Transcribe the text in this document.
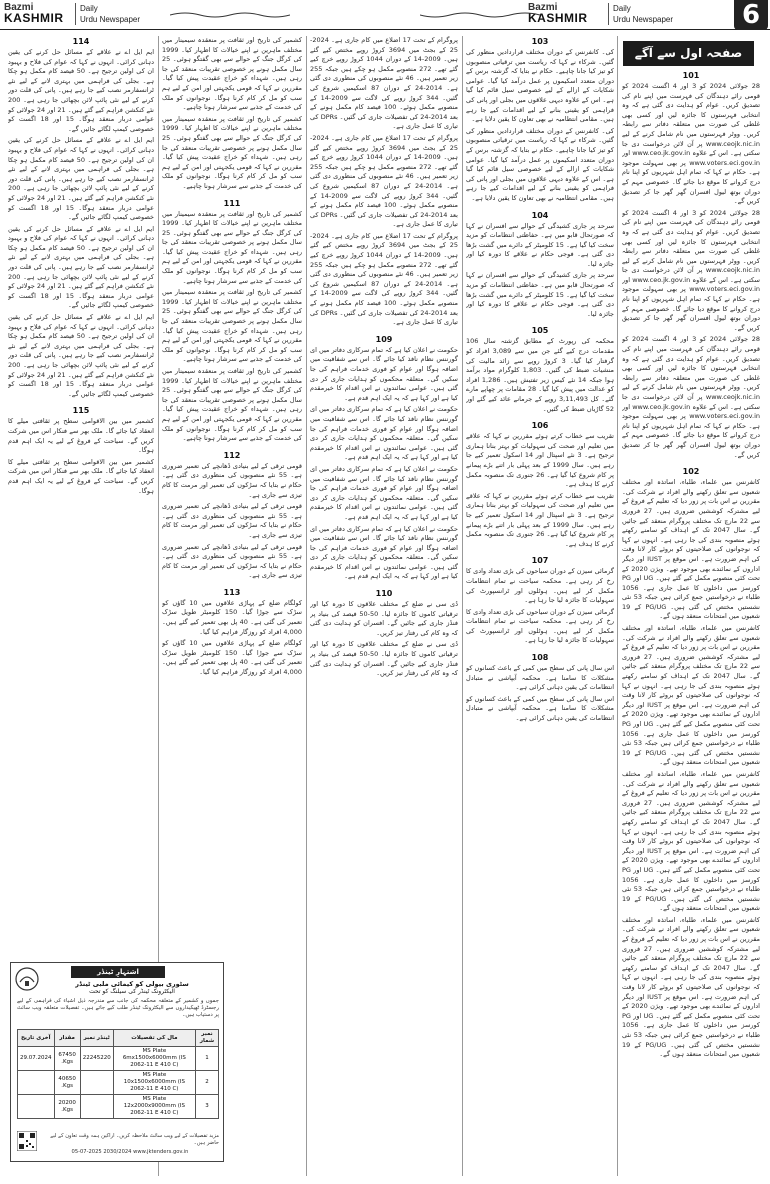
Bazmi
KASHMIR
Daily
Urdu Newspaper
Bazmi
KASHMIR
Daily
Urdu Newspaper	6
صفحہ اول سے آگے
101

28 جولائی 2024 کو 3 اور 4 اگست 2024 کو قومی رائے دہندگان کی فہرست میں اپنے نام کی تصدیق کریں۔ عوام کو ہدایت دی گئی ہے کہ وہ انتخابی فہرستوں کا جائزہ لیں اور کسی بھی غلطی کی صورت میں متعلقہ دفاتر سے رابطہ کریں۔ ووٹر فہرستوں میں نام شامل کرنے کے لیے www.ceojk.nic.in پر آن لائن درخواست دی جا سکتی ہے۔ اس کے علاوہ www.ceo.jk.gov.in اور www.voters.eci.gov.in پر بھی سہولت موجود ہے۔ حکام نے کہا کہ تمام اہل شہریوں کو اپنا نام درج کروانے کا موقع دیا جائے گا۔ خصوصی مہم کے دوران بوتھ لیول افسران گھر گھر جا کر تصدیق کریں گے۔

28 جولائی 2024 کو 3 اور 4 اگست 2024 کو قومی رائے دہندگان کی فہرست میں اپنے نام کی تصدیق کریں۔ عوام کو ہدایت دی گئی ہے کہ وہ انتخابی فہرستوں کا جائزہ لیں اور کسی بھی غلطی کی صورت میں متعلقہ دفاتر سے رابطہ کریں۔ ووٹر فہرستوں میں نام شامل کرنے کے لیے www.ceojk.nic.in پر آن لائن درخواست دی جا سکتی ہے۔ اس کے علاوہ www.ceo.jk.gov.in اور www.voters.eci.gov.in پر بھی سہولت موجود ہے۔ حکام نے کہا کہ تمام اہل شہریوں کو اپنا نام درج کروانے کا موقع دیا جائے گا۔ خصوصی مہم کے دوران بوتھ لیول افسران گھر گھر جا کر تصدیق کریں گے۔

28 جولائی 2024 کو 3 اور 4 اگست 2024 کو قومی رائے دہندگان کی فہرست میں اپنے نام کی تصدیق کریں۔ عوام کو ہدایت دی گئی ہے کہ وہ انتخابی فہرستوں کا جائزہ لیں اور کسی بھی غلطی کی صورت میں متعلقہ دفاتر سے رابطہ کریں۔ ووٹر فہرستوں میں نام شامل کرنے کے لیے www.ceojk.nic.in پر آن لائن درخواست دی جا سکتی ہے۔ اس کے علاوہ www.ceo.jk.gov.in اور www.voters.eci.gov.in پر بھی سہولت موجود ہے۔ حکام نے کہا کہ تمام اہل شہریوں کو اپنا نام درج کروانے کا موقع دیا جائے گا۔ خصوصی مہم کے دوران بوتھ لیول افسران گھر گھر جا کر تصدیق کریں گے۔

102

کانفرنس میں علماء، طلباء، اساتذہ اور مختلف شعبوں سے تعلق رکھنے والے افراد نے شرکت کی۔ مقررین نے اس بات پر زور دیا کہ تعلیم کے فروغ کے لیے مشترکہ کوششیں ضروری ہیں۔ 27 فروری سے 22 مارچ تک مختلف پروگرام منعقد کیے جائیں گے۔ سال 2047 تک کے اہداف کو سامنے رکھتے ہوئے منصوبہ بندی کی جا رہی ہے۔ انہوں نے کہا کہ نوجوانوں کی صلاحیتوں کو بروئے کار لانا وقت کی اہم ضرورت ہے۔ اس موقع پر IUST اور دیگر اداروں کے نمائندے بھی موجود تھے۔ ویژن 2020 کے تحت کئی منصوبے مکمل کیے گئے ہیں۔ UG اور PG کورسز میں داخلوں کا عمل جاری ہے۔ 1056 طلباء نے درخواستیں جمع کرائی ہیں جبکہ 53 نئی نشستیں مختص کی گئی ہیں۔ PG/UG کے 19 شعبوں میں امتحانات منعقد ہوں گے۔

کانفرنس میں علماء، طلباء، اساتذہ اور مختلف شعبوں سے تعلق رکھنے والے افراد نے شرکت کی۔ مقررین نے اس بات پر زور دیا کہ تعلیم کے فروغ کے لیے مشترکہ کوششیں ضروری ہیں۔ 27 فروری سے 22 مارچ تک مختلف پروگرام منعقد کیے جائیں گے۔ سال 2047 تک کے اہداف کو سامنے رکھتے ہوئے منصوبہ بندی کی جا رہی ہے۔ انہوں نے کہا کہ نوجوانوں کی صلاحیتوں کو بروئے کار لانا وقت کی اہم ضرورت ہے۔ اس موقع پر IUST اور دیگر اداروں کے نمائندے بھی موجود تھے۔ ویژن 2020 کے تحت کئی منصوبے مکمل کیے گئے ہیں۔ UG اور PG کورسز میں داخلوں کا عمل جاری ہے۔ 1056 طلباء نے درخواستیں جمع کرائی ہیں جبکہ 53 نئی نشستیں مختص کی گئی ہیں۔ PG/UG کے 19 شعبوں میں امتحانات منعقد ہوں گے۔

کانفرنس میں علماء، طلباء، اساتذہ اور مختلف شعبوں سے تعلق رکھنے والے افراد نے شرکت کی۔ مقررین نے اس بات پر زور دیا کہ تعلیم کے فروغ کے لیے مشترکہ کوششیں ضروری ہیں۔ 27 فروری سے 22 مارچ تک مختلف پروگرام منعقد کیے جائیں گے۔ سال 2047 تک کے اہداف کو سامنے رکھتے ہوئے منصوبہ بندی کی جا رہی ہے۔ انہوں نے کہا کہ نوجوانوں کی صلاحیتوں کو بروئے کار لانا وقت کی اہم ضرورت ہے۔ اس موقع پر IUST اور دیگر اداروں کے نمائندے بھی موجود تھے۔ ویژن 2020 کے تحت کئی منصوبے مکمل کیے گئے ہیں۔ UG اور PG کورسز میں داخلوں کا عمل جاری ہے۔ 1056 طلباء نے درخواستیں جمع کرائی ہیں جبکہ 53 نئی نشستیں مختص کی گئی ہیں۔ PG/UG کے 19 شعبوں میں امتحانات منعقد ہوں گے۔

کانفرنس میں علماء، طلباء، اساتذہ اور مختلف شعبوں سے تعلق رکھنے والے افراد نے شرکت کی۔ مقررین نے اس بات پر زور دیا کہ تعلیم کے فروغ کے لیے مشترکہ کوششیں ضروری ہیں۔ 27 فروری سے 22 مارچ تک مختلف پروگرام منعقد کیے جائیں گے۔ سال 2047 تک کے اہداف کو سامنے رکھتے ہوئے منصوبہ بندی کی جا رہی ہے۔ انہوں نے کہا کہ نوجوانوں کی صلاحیتوں کو بروئے کار لانا وقت کی اہم ضرورت ہے۔ اس موقع پر IUST اور دیگر اداروں کے نمائندے بھی موجود تھے۔ ویژن 2020 کے تحت کئی منصوبے مکمل کیے گئے ہیں۔ UG اور PG کورسز میں داخلوں کا عمل جاری ہے۔ 1056 طلباء نے درخواستیں جمع کرائی ہیں جبکہ 53 نئی نشستیں مختص کی گئی ہیں۔ PG/UG کے 19 شعبوں میں امتحانات منعقد ہوں گے۔

103

کی۔ کانفرنس کے دوران مختلف قراردادیں منظور کی گئیں۔ شرکاء نے کہا کہ ریاست میں ترقیاتی منصوبوں کو تیز کیا جانا چاہیے۔ حکام نے بتایا کہ گزشتہ برس کے دوران متعدد اسکیموں پر عمل درآمد کیا گیا۔ عوامی شکایات کے ازالے کے لیے خصوصی سیل قائم کیا گیا ہے۔ اس کے علاوہ دیہی علاقوں میں بجلی اور پانی کی فراہمی کو یقینی بنانے کے لیے اقدامات کیے جا رہے ہیں۔ مقامی انتظامیہ نے بھی تعاون کا یقین دلایا ہے۔

کی۔ کانفرنس کے دوران مختلف قراردادیں منظور کی گئیں۔ شرکاء نے کہا کہ ریاست میں ترقیاتی منصوبوں کو تیز کیا جانا چاہیے۔ حکام نے بتایا کہ گزشتہ برس کے دوران متعدد اسکیموں پر عمل درآمد کیا گیا۔ عوامی شکایات کے ازالے کے لیے خصوصی سیل قائم کیا گیا ہے۔ اس کے علاوہ دیہی علاقوں میں بجلی اور پانی کی فراہمی کو یقینی بنانے کے لیے اقدامات کیے جا رہے ہیں۔ مقامی انتظامیہ نے بھی تعاون کا یقین دلایا ہے۔

104

سرحد پر جاری کشیدگی کے حوالے سے افسران نے کہا کہ صورتحال قابو میں ہے۔ حفاظتی انتظامات کو مزید سخت کیا گیا ہے۔ 15 کلومیٹر کے دائرے میں گشت بڑھا دی گئی ہے۔ فوجی حکام نے علاقے کا دورہ کیا اور جائزہ لیا۔

سرحد پر جاری کشیدگی کے حوالے سے افسران نے کہا کہ صورتحال قابو میں ہے۔ حفاظتی انتظامات کو مزید سخت کیا گیا ہے۔ 15 کلومیٹر کے دائرے میں گشت بڑھا دی گئی ہے۔ فوجی حکام نے علاقے کا دورہ کیا اور جائزہ لیا۔

105

محکمہ کی رپورٹ کے مطابق گزشتہ سال 106 مقدمات درج کیے گئے جن میں سے 3,089 افراد کو گرفتار کیا گیا۔ 3 کروڑ روپے سے زائد مالیت کی منشیات ضبط کی گئیں۔ 1,803 کلوگرام مواد برآمد ہوا جبکہ 14 نئے کیس زیر تفتیش ہیں۔ 1,286 افراد کو عدالت میں پیش کیا گیا۔ 28 مقامات پر چھاپے مارے گئے۔ کل 3,11,493 روپے کے جرمانے عائد کیے گئے اور 52 گاڑیاں ضبط کی گئیں۔

106

تقریب سے خطاب کرتے ہوئے مقررین نے کہا کہ علاقے میں تعلیم اور صحت کی سہولیات کو بہتر بنانا ہماری ترجیح ہے۔ 3 نئے اسپتال اور 14 اسکول تعمیر کیے جا رہے ہیں۔ سال 1999 کے بعد پہلی بار اتنے بڑے پیمانے پر کام شروع کیا گیا ہے۔ 26 جنوری تک منصوبہ مکمل کرنے کا ہدف ہے۔

تقریب سے خطاب کرتے ہوئے مقررین نے کہا کہ علاقے میں تعلیم اور صحت کی سہولیات کو بہتر بنانا ہماری ترجیح ہے۔ 3 نئے اسپتال اور 14 اسکول تعمیر کیے جا رہے ہیں۔ سال 1999 کے بعد پہلی بار اتنے بڑے پیمانے پر کام شروع کیا گیا ہے۔ 26 جنوری تک منصوبہ مکمل کرنے کا ہدف ہے۔

107

گرمائی سیزن کے دوران سیاحوں کی بڑی تعداد وادی کا رخ کر رہی ہے۔ محکمہ سیاحت نے تمام انتظامات مکمل کر لیے ہیں۔ ہوٹلوں اور ٹرانسپورٹ کی سہولیات کا جائزہ لیا جا رہا ہے۔

گرمائی سیزن کے دوران سیاحوں کی بڑی تعداد وادی کا رخ کر رہی ہے۔ محکمہ سیاحت نے تمام انتظامات مکمل کر لیے ہیں۔ ہوٹلوں اور ٹرانسپورٹ کی سہولیات کا جائزہ لیا جا رہا ہے۔

108

اس سال پانی کی سطح میں کمی کے باعث کسانوں کو مشکلات کا سامنا ہے۔ محکمہ آبپاشی نے متبادل انتظامات کی یقین دہانی کرائی ہے۔

اس سال پانی کی سطح میں کمی کے باعث کسانوں کو مشکلات کا سامنا ہے۔ محکمہ آبپاشی نے متبادل انتظامات کی یقین دہانی کرائی ہے۔

پروگرام کے تحت 17 اضلاع میں کام جاری ہے۔ 2024-25 کے بجٹ میں 3694 کروڑ روپے مختص کیے گئے ہیں۔ 2009-14 کے دوران 1044 کروڑ روپے خرچ کیے گئے تھے۔ 272 منصوبے مکمل ہو چکے ہیں جبکہ 255 زیر تعمیر ہیں۔ 46 نئے منصوبوں کی منظوری دی گئی ہے۔ 2014-24 کے دوران 87 اسکیمیں شروع کی گئیں۔ 344 کروڑ روپے کی لاگت سے 2009-14 کے منصوبے مکمل ہوئے۔ 100 فیصد کام مکمل ہونے کے بعد 2014-24 کی تفصیلات جاری کی گئیں۔ DPRs کی تیاری کا عمل جاری ہے۔

پروگرام کے تحت 17 اضلاع میں کام جاری ہے۔ 2024-25 کے بجٹ میں 3694 کروڑ روپے مختص کیے گئے ہیں۔ 2009-14 کے دوران 1044 کروڑ روپے خرچ کیے گئے تھے۔ 272 منصوبے مکمل ہو چکے ہیں جبکہ 255 زیر تعمیر ہیں۔ 46 نئے منصوبوں کی منظوری دی گئی ہے۔ 2014-24 کے دوران 87 اسکیمیں شروع کی گئیں۔ 344 کروڑ روپے کی لاگت سے 2009-14 کے منصوبے مکمل ہوئے۔ 100 فیصد کام مکمل ہونے کے بعد 2014-24 کی تفصیلات جاری کی گئیں۔ DPRs کی تیاری کا عمل جاری ہے۔

پروگرام کے تحت 17 اضلاع میں کام جاری ہے۔ 2024-25 کے بجٹ میں 3694 کروڑ روپے مختص کیے گئے ہیں۔ 2009-14 کے دوران 1044 کروڑ روپے خرچ کیے گئے تھے۔ 272 منصوبے مکمل ہو چکے ہیں جبکہ 255 زیر تعمیر ہیں۔ 46 نئے منصوبوں کی منظوری دی گئی ہے۔ 2014-24 کے دوران 87 اسکیمیں شروع کی گئیں۔ 344 کروڑ روپے کی لاگت سے 2009-14 کے منصوبے مکمل ہوئے۔ 100 فیصد کام مکمل ہونے کے بعد 2014-24 کی تفصیلات جاری کی گئیں۔ DPRs کی تیاری کا عمل جاری ہے۔

109

حکومت نے اعلان کیا ہے کہ تمام سرکاری دفاتر میں ای گورننس نظام نافذ کیا جائے گا۔ اس سے شفافیت میں اضافہ ہوگا اور عوام کو فوری خدمات فراہم کی جا سکیں گی۔ متعلقہ محکموں کو ہدایات جاری کر دی گئی ہیں۔ عوامی نمائندوں نے اس اقدام کا خیرمقدم کیا ہے اور کہا ہے کہ یہ ایک اہم قدم ہے۔

حکومت نے اعلان کیا ہے کہ تمام سرکاری دفاتر میں ای گورننس نظام نافذ کیا جائے گا۔ اس سے شفافیت میں اضافہ ہوگا اور عوام کو فوری خدمات فراہم کی جا سکیں گی۔ متعلقہ محکموں کو ہدایات جاری کر دی گئی ہیں۔ عوامی نمائندوں نے اس اقدام کا خیرمقدم کیا ہے اور کہا ہے کہ یہ ایک اہم قدم ہے۔

حکومت نے اعلان کیا ہے کہ تمام سرکاری دفاتر میں ای گورننس نظام نافذ کیا جائے گا۔ اس سے شفافیت میں اضافہ ہوگا اور عوام کو فوری خدمات فراہم کی جا سکیں گی۔ متعلقہ محکموں کو ہدایات جاری کر دی گئی ہیں۔ عوامی نمائندوں نے اس اقدام کا خیرمقدم کیا ہے اور کہا ہے کہ یہ ایک اہم قدم ہے۔

حکومت نے اعلان کیا ہے کہ تمام سرکاری دفاتر میں ای گورننس نظام نافذ کیا جائے گا۔ اس سے شفافیت میں اضافہ ہوگا اور عوام کو فوری خدمات فراہم کی جا سکیں گی۔ متعلقہ محکموں کو ہدایات جاری کر دی گئی ہیں۔ عوامی نمائندوں نے اس اقدام کا خیرمقدم کیا ہے اور کہا ہے کہ یہ ایک اہم قدم ہے۔

110

ڈی سی نے ضلع کے مختلف علاقوں کا دورہ کیا اور ترقیاتی کاموں کا جائزہ لیا۔ 50-50 فیصد کی بنیاد پر فنڈز جاری کیے جائیں گے۔ افسران کو ہدایت دی گئی کہ وہ کام کی رفتار تیز کریں۔

ڈی سی نے ضلع کے مختلف علاقوں کا دورہ کیا اور ترقیاتی کاموں کا جائزہ لیا۔ 50-50 فیصد کی بنیاد پر فنڈز جاری کیے جائیں گے۔ افسران کو ہدایت دی گئی کہ وہ کام کی رفتار تیز کریں۔

کشمیر کی تاریخ اور ثقافت پر منعقدہ سیمینار میں مختلف ماہرین نے اپنے خیالات کا اظہار کیا۔ 1999 کی کرگل جنگ کے حوالے سے بھی گفتگو ہوئی۔ 25 سال مکمل ہونے پر خصوصی تقریبات منعقد کی جا رہی ہیں۔ شہداء کو خراج عقیدت پیش کیا گیا۔ مقررین نے کہا کہ قومی یکجہتی اور امن کے لیے ہم سب کو مل کر کام کرنا ہوگا۔ نوجوانوں کو ملک کی خدمت کے جذبے سے سرشار ہونا چاہیے۔

کشمیر کی تاریخ اور ثقافت پر منعقدہ سیمینار میں مختلف ماہرین نے اپنے خیالات کا اظہار کیا۔ 1999 کی کرگل جنگ کے حوالے سے بھی گفتگو ہوئی۔ 25 سال مکمل ہونے پر خصوصی تقریبات منعقد کی جا رہی ہیں۔ شہداء کو خراج عقیدت پیش کیا گیا۔ مقررین نے کہا کہ قومی یکجہتی اور امن کے لیے ہم سب کو مل کر کام کرنا ہوگا۔ نوجوانوں کو ملک کی خدمت کے جذبے سے سرشار ہونا چاہیے۔

111

کشمیر کی تاریخ اور ثقافت پر منعقدہ سیمینار میں مختلف ماہرین نے اپنے خیالات کا اظہار کیا۔ 1999 کی کرگل جنگ کے حوالے سے بھی گفتگو ہوئی۔ 25 سال مکمل ہونے پر خصوصی تقریبات منعقد کی جا رہی ہیں۔ شہداء کو خراج عقیدت پیش کیا گیا۔ مقررین نے کہا کہ قومی یکجہتی اور امن کے لیے ہم سب کو مل کر کام کرنا ہوگا۔ نوجوانوں کو ملک کی خدمت کے جذبے سے سرشار ہونا چاہیے۔

کشمیر کی تاریخ اور ثقافت پر منعقدہ سیمینار میں مختلف ماہرین نے اپنے خیالات کا اظہار کیا۔ 1999 کی کرگل جنگ کے حوالے سے بھی گفتگو ہوئی۔ 25 سال مکمل ہونے پر خصوصی تقریبات منعقد کی جا رہی ہیں۔ شہداء کو خراج عقیدت پیش کیا گیا۔ مقررین نے کہا کہ قومی یکجہتی اور امن کے لیے ہم سب کو مل کر کام کرنا ہوگا۔ نوجوانوں کو ملک کی خدمت کے جذبے سے سرشار ہونا چاہیے۔

کشمیر کی تاریخ اور ثقافت پر منعقدہ سیمینار میں مختلف ماہرین نے اپنے خیالات کا اظہار کیا۔ 1999 کی کرگل جنگ کے حوالے سے بھی گفتگو ہوئی۔ 25 سال مکمل ہونے پر خصوصی تقریبات منعقد کی جا رہی ہیں۔ شہداء کو خراج عقیدت پیش کیا گیا۔ مقررین نے کہا کہ قومی یکجہتی اور امن کے لیے ہم سب کو مل کر کام کرنا ہوگا۔ نوجوانوں کو ملک کی خدمت کے جذبے سے سرشار ہونا چاہیے۔

112

قومی ترقی کے لیے بنیادی ڈھانچے کی تعمیر ضروری ہے۔ 55 نئے منصوبوں کی منظوری دی گئی ہے۔ حکام نے بتایا کہ سڑکوں کی تعمیر اور مرمت کا کام تیزی سے جاری ہے۔

قومی ترقی کے لیے بنیادی ڈھانچے کی تعمیر ضروری ہے۔ 55 نئے منصوبوں کی منظوری دی گئی ہے۔ حکام نے بتایا کہ سڑکوں کی تعمیر اور مرمت کا کام تیزی سے جاری ہے۔

قومی ترقی کے لیے بنیادی ڈھانچے کی تعمیر ضروری ہے۔ 55 نئے منصوبوں کی منظوری دی گئی ہے۔ حکام نے بتایا کہ سڑکوں کی تعمیر اور مرمت کا کام تیزی سے جاری ہے۔

113

کولگام ضلع کے پہاڑی علاقوں میں 10 گاؤں کو سڑک سے جوڑا گیا۔ 150 کلومیٹر طویل سڑک تعمیر کی گئی ہے۔ 40 پل بھی تعمیر کیے گئے ہیں۔ 4,000 افراد کو روزگار فراہم کیا گیا۔

کولگام ضلع کے پہاڑی علاقوں میں 10 گاؤں کو سڑک سے جوڑا گیا۔ 150 کلومیٹر طویل سڑک تعمیر کی گئی ہے۔ 40 پل بھی تعمیر کیے گئے ہیں۔ 4,000 افراد کو روزگار فراہم کیا گیا۔

114

ایم ایل اے نے علاقے کے مسائل حل کرنے کی یقین دہانی کرائی۔ انہوں نے کہا کہ عوام کی فلاح و بہبود ان کی اولین ترجیح ہے۔ 50 فیصد کام مکمل ہو چکا ہے۔ بجلی کی فراہمی میں بہتری لانے کے لیے نئے ٹرانسفارمر نصب کیے جا رہے ہیں۔ پانی کی قلت دور کرنے کے لیے نئی پائپ لائن بچھائی جا رہی ہے۔ 200 نئے کنکشن فراہم کیے گئے ہیں۔ 21 اور 24 جولائی کو عوامی دربار منعقد ہوگا۔ 15 اور 18 اگست کو خصوصی کیمپ لگائے جائیں گے۔

ایم ایل اے نے علاقے کے مسائل حل کرنے کی یقین دہانی کرائی۔ انہوں نے کہا کہ عوام کی فلاح و بہبود ان کی اولین ترجیح ہے۔ 50 فیصد کام مکمل ہو چکا ہے۔ بجلی کی فراہمی میں بہتری لانے کے لیے نئے ٹرانسفارمر نصب کیے جا رہے ہیں۔ پانی کی قلت دور کرنے کے لیے نئی پائپ لائن بچھائی جا رہی ہے۔ 200 نئے کنکشن فراہم کیے گئے ہیں۔ 21 اور 24 جولائی کو عوامی دربار منعقد ہوگا۔ 15 اور 18 اگست کو خصوصی کیمپ لگائے جائیں گے۔

ایم ایل اے نے علاقے کے مسائل حل کرنے کی یقین دہانی کرائی۔ انہوں نے کہا کہ عوام کی فلاح و بہبود ان کی اولین ترجیح ہے۔ 50 فیصد کام مکمل ہو چکا ہے۔ بجلی کی فراہمی میں بہتری لانے کے لیے نئے ٹرانسفارمر نصب کیے جا رہے ہیں۔ پانی کی قلت دور کرنے کے لیے نئی پائپ لائن بچھائی جا رہی ہے۔ 200 نئے کنکشن فراہم کیے گئے ہیں۔ 21 اور 24 جولائی کو عوامی دربار منعقد ہوگا۔ 15 اور 18 اگست کو خصوصی کیمپ لگائے جائیں گے۔

ایم ایل اے نے علاقے کے مسائل حل کرنے کی یقین دہانی کرائی۔ انہوں نے کہا کہ عوام کی فلاح و بہبود ان کی اولین ترجیح ہے۔ 50 فیصد کام مکمل ہو چکا ہے۔ بجلی کی فراہمی میں بہتری لانے کے لیے نئے ٹرانسفارمر نصب کیے جا رہے ہیں۔ پانی کی قلت دور کرنے کے لیے نئی پائپ لائن بچھائی جا رہی ہے۔ 200 نئے کنکشن فراہم کیے گئے ہیں۔ 21 اور 24 جولائی کو عوامی دربار منعقد ہوگا۔ 15 اور 18 اگست کو خصوصی کیمپ لگائے جائیں گے۔

115

کشمیر میں بین الاقوامی سطح پر ثقافتی میلے کا انعقاد کیا جائے گا۔ ملک بھر سے فنکار اس میں شرکت کریں گے۔ سیاحت کے فروغ کے لیے یہ ایک اہم قدم ہوگا۔

کشمیر میں بین الاقوامی سطح پر ثقافتی میلے کا انعقاد کیا جائے گا۔ ملک بھر سے فنکار اس میں شرکت کریں گے۔ سیاحت کے فروغ کے لیے یہ ایک اہم قدم ہوگا۔

اشتہارِ ٹینڈر
سٹوری بیولی کو کیمائی ملبی ٹینڈر
الیکٹرونک ٹینڈر کی سیلنگ کو تحت
جموں و کشمیر کے متعلقہ محکمہ کی جانب سے مندرجہ ذیل اشیاء کی فراہمی کے لیے رجسٹرڈ ٹھیکیداروں سے الیکٹرونک ٹینڈر طلب کیے جاتے ہیں۔ تفصیلات متعلقہ ویب سائٹ پر دستیاب ہیں۔
نمبر شمار	مال کی تفصیلات	ٹینڈر نمبر	مقدار	آخری تاریخ
1	MS Plate 6mx1500x6000mm (IS 2062-11 E 410 C)	22245220	67450 Kgs.	29.07.2024
2	MS Plate 10x1500x6000mm (IS 2062-11 E 410 C)		40650 Kgs.	
3	MS Plate 12x2000x9000mm (IS 2062-11 E 410 C)		20200 Kgs.	
مزید تفصیلات کے لیے ویب سائٹ ملاحظہ کریں۔ اراکین ہمہ وقت تعاون کے لیے حاضر ہیں۔
05-07-2025 2030/2024 www.jktenders.gov.in
